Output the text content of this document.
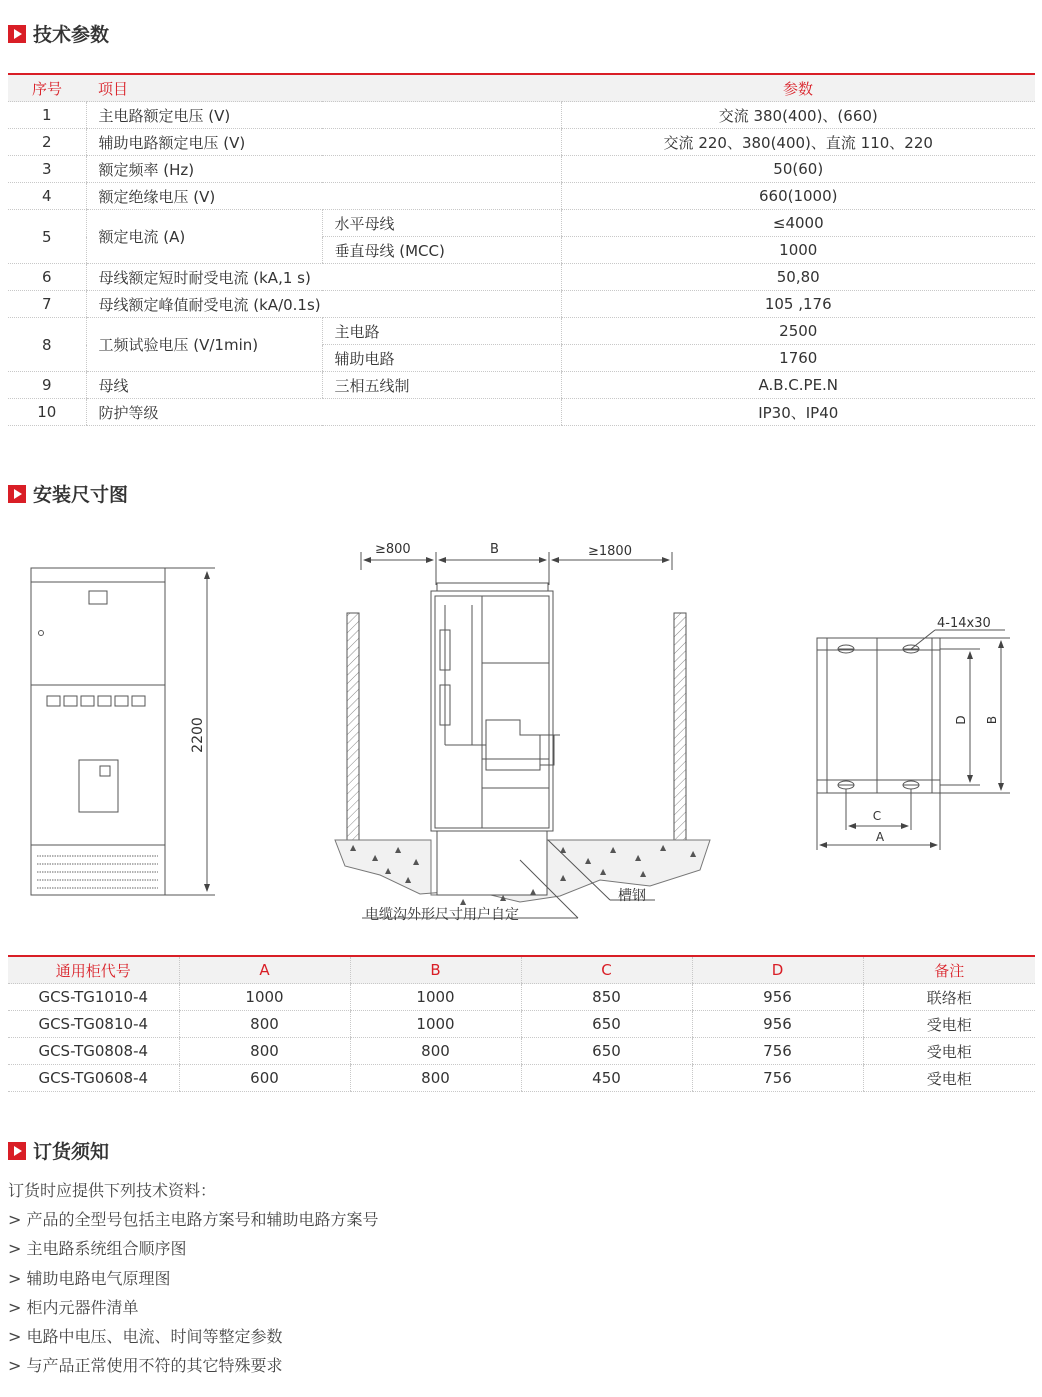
技术参数
序号	项目		参数
1	主电路额定电压 (V)		交流 380(400)、(660)
2	辅助电路额定电压 (V)		交流 220、380(400)、直流 110、220
3	额定频率 (Hz)		50(60)
4	额定绝缘电压 (V)		660(1000)
5	额定电流 (A)	水平母线	≤4000
		垂直母线 (MCC)	1000
6	母线额定短时耐受电流 (kA,1 s)		50,80
7	母线额定峰值耐受电流 (kA/0.1s)		105 ,176
8	工频试验电压 (V/1min)	主电路	2500
		辅助电路	1760
9	母线	三相五线制	A.B.C.PE.N
10	防护等级		IP30、IP40
安装尺寸图
2200
▲
▲
▲
▲
▲
▲
▲	▲
▲
▲
▲
▲
▲
▲
▲	▲
▲
▲
≥800	B	≥1800
槽钢
电缆沟外形尺寸用户自定
4-14x30
D B
C
A
通用柜代号	A	B	C	D	备注
GCS-TG1010-4	1000	1000	850	956	联络柜
GCS-TG0810-4	800	1000	650	956	受电柜
GCS-TG0808-4	800	800	650	756	受电柜
GCS-TG0608-4	600	800	450	756	受电柜
订货须知
订货时应提供下列技术资料：
> 产品的全型号包括主电路方案号和辅助电路方案号
> 主电路系统组合顺序图
> 辅助电路电气原理图
> 柜内元器件清单
> 电路中电压、电流、时间等整定参数
> 与产品正常使用不符的其它特殊要求
